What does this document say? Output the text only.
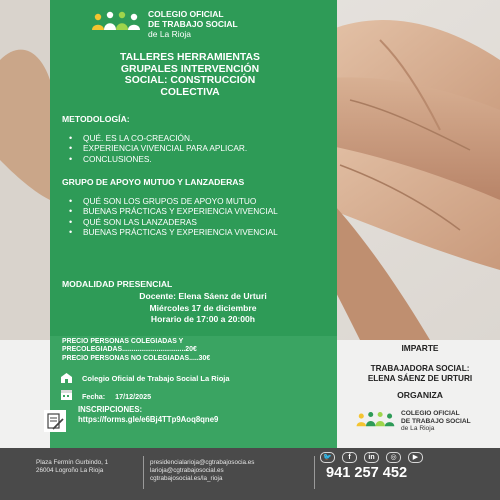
COLEGIO OFICIAL
DE TRABAJO SOCIAL
de La Rioja
TALLERES HERRAMIENTAS
GRUPALES INTERVENCIÓN
SOCIAL: CONSTRUCCIÓN
COLECTIVA
METODOLOGÍA:
• QUÉ. ES LA CO-CREACIÓN.
• EXPERIENCIA VIVENCIAL PARA APLICAR.
• CONCLUSIONES.
GRUPO DE APOYO MUTUO Y LANZADERAS
• QUÉ SON LOS GRUPOS DE APOYO MUTUO
• BUENAS PRÁCTICAS Y EXPERIENCIA VIVENCIAL
• QUÉ SON LAS LANZADERAS
• BUENAS PRÁCTICAS Y EXPERIENCIA VIVENCIAL
MODALIDAD PRESENCIAL
Docente: Elena Sáenz de Urturi
Miércoles 17 de diciembre
Horario de 17:00 a 20:00h
PRECIO PERSONAS COLEGIADAS Y
PRECOLEGIADAS.................................20€
PRECIO PERSONAS NO COLEGIADAS.....30€
Colegio Oficial de Trabajo Social La Rioja
Fecha: 17/12/2025
INSCRIPCIONES:
https://forms.gle/e6Bj4TTp9Aoq8qne9
IMPARTE
TRABAJADORA SOCIAL:
ELENA SÁENZ DE URTURI
ORGANIZA
COLEGIO OFICIAL
DE TRABAJO SOCIAL
de La Rioja
Plaza Fermín Gurbindo, 1
26004 Logroño La Rioja
presidencialarioja@cgtrabajosocia.es
larioja@cgtrabajosocial.es
cgtrabajosocial.es/la_rioja
🐦	f	in	◎	▶
941 257 452
